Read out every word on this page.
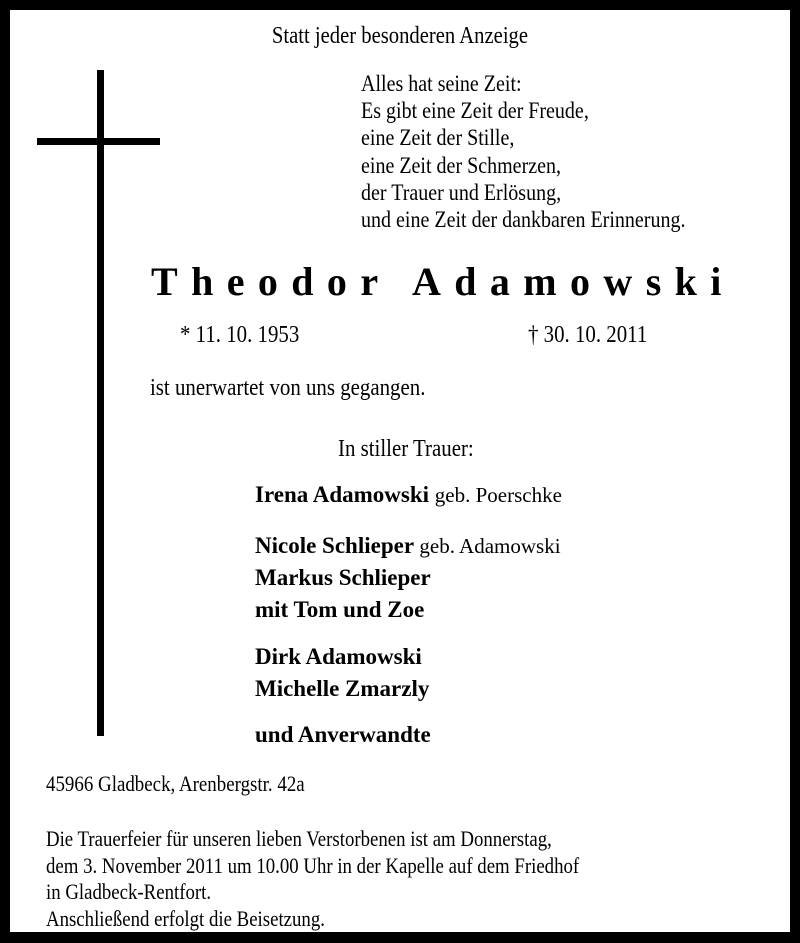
Statt jeder besonderen Anzeige
Alles hat seine Zeit:
Es gibt eine Zeit der Freude,
eine Zeit der Stille,
eine Zeit der Schmerzen,
der Trauer und Erlösung,
und eine Zeit der dankbaren Erinnerung.
Theodor Adamowski
* 11. 10. 1953	† 30. 10. 2011
ist unerwartet von uns gegangen.
In stiller Trauer:
Irena Adamowski geb. Poerschke
Nicole Schlieper geb. Adamowski
Markus Schlieper
mit Tom und Zoe
Dirk Adamowski
Michelle Zmarzly
und Anverwandte
45966 Gladbeck, Arenbergstr. 42a
Die Trauerfeier für unseren lieben Verstorbenen ist am Donnerstag,
dem 3. November 2011 um 10.00 Uhr in der Kapelle auf dem Friedhof
in Gladbeck-Rentfort.
Anschließend erfolgt die Beisetzung.
